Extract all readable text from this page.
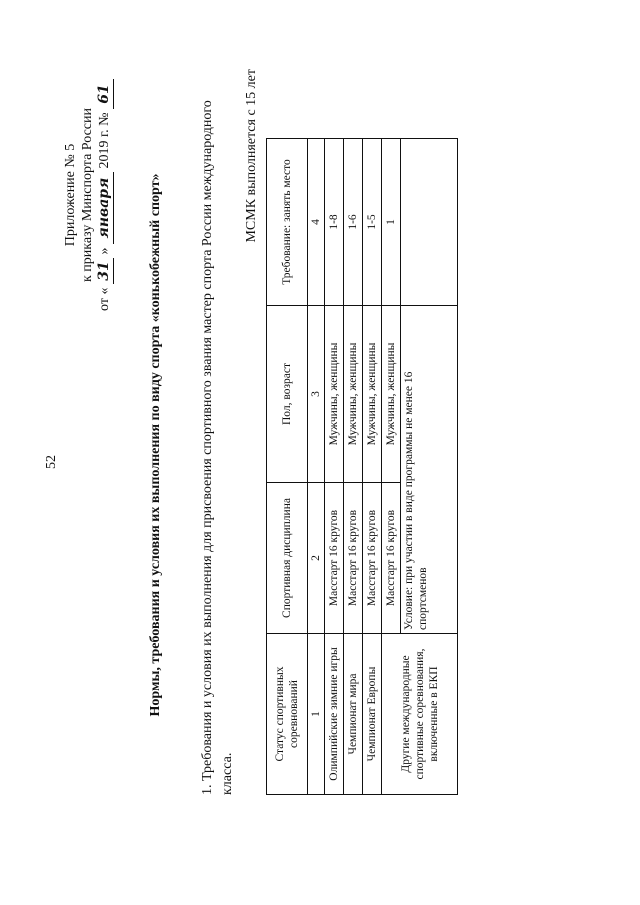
52
Приложение № 5 к приказу Минспорта России
от « 31 » января 2019 г. № 61
Нормы, требования и условия их выполнения по виду спорта «конькобежный спорт»	1. Требования и условия их выполнения для присвоения спортивного звания мастер спорта России международного класса.
МСМК выполняется с 15 лет
Статус спортивных соревнований	Спортивная дисциплина	Пол, возраст	Требование: занять место
1	2	3	4
Олимпийские зимние игры	Масстарт 16 кругов	Мужчины, женщины	1-8
Чемпионат мира	Масстарт 16 кругов	Мужчины, женщины	1-6
Чемпионат Европы	Масстарт 16 кругов	Мужчины, женщины	1-5
Другие международные спортивные соревнования, включенные в ЕКП	Масстарт 16 кругов	Мужчины, женщины	1
	Условие: при участии в виде программы не менее 16 спортсменов		
